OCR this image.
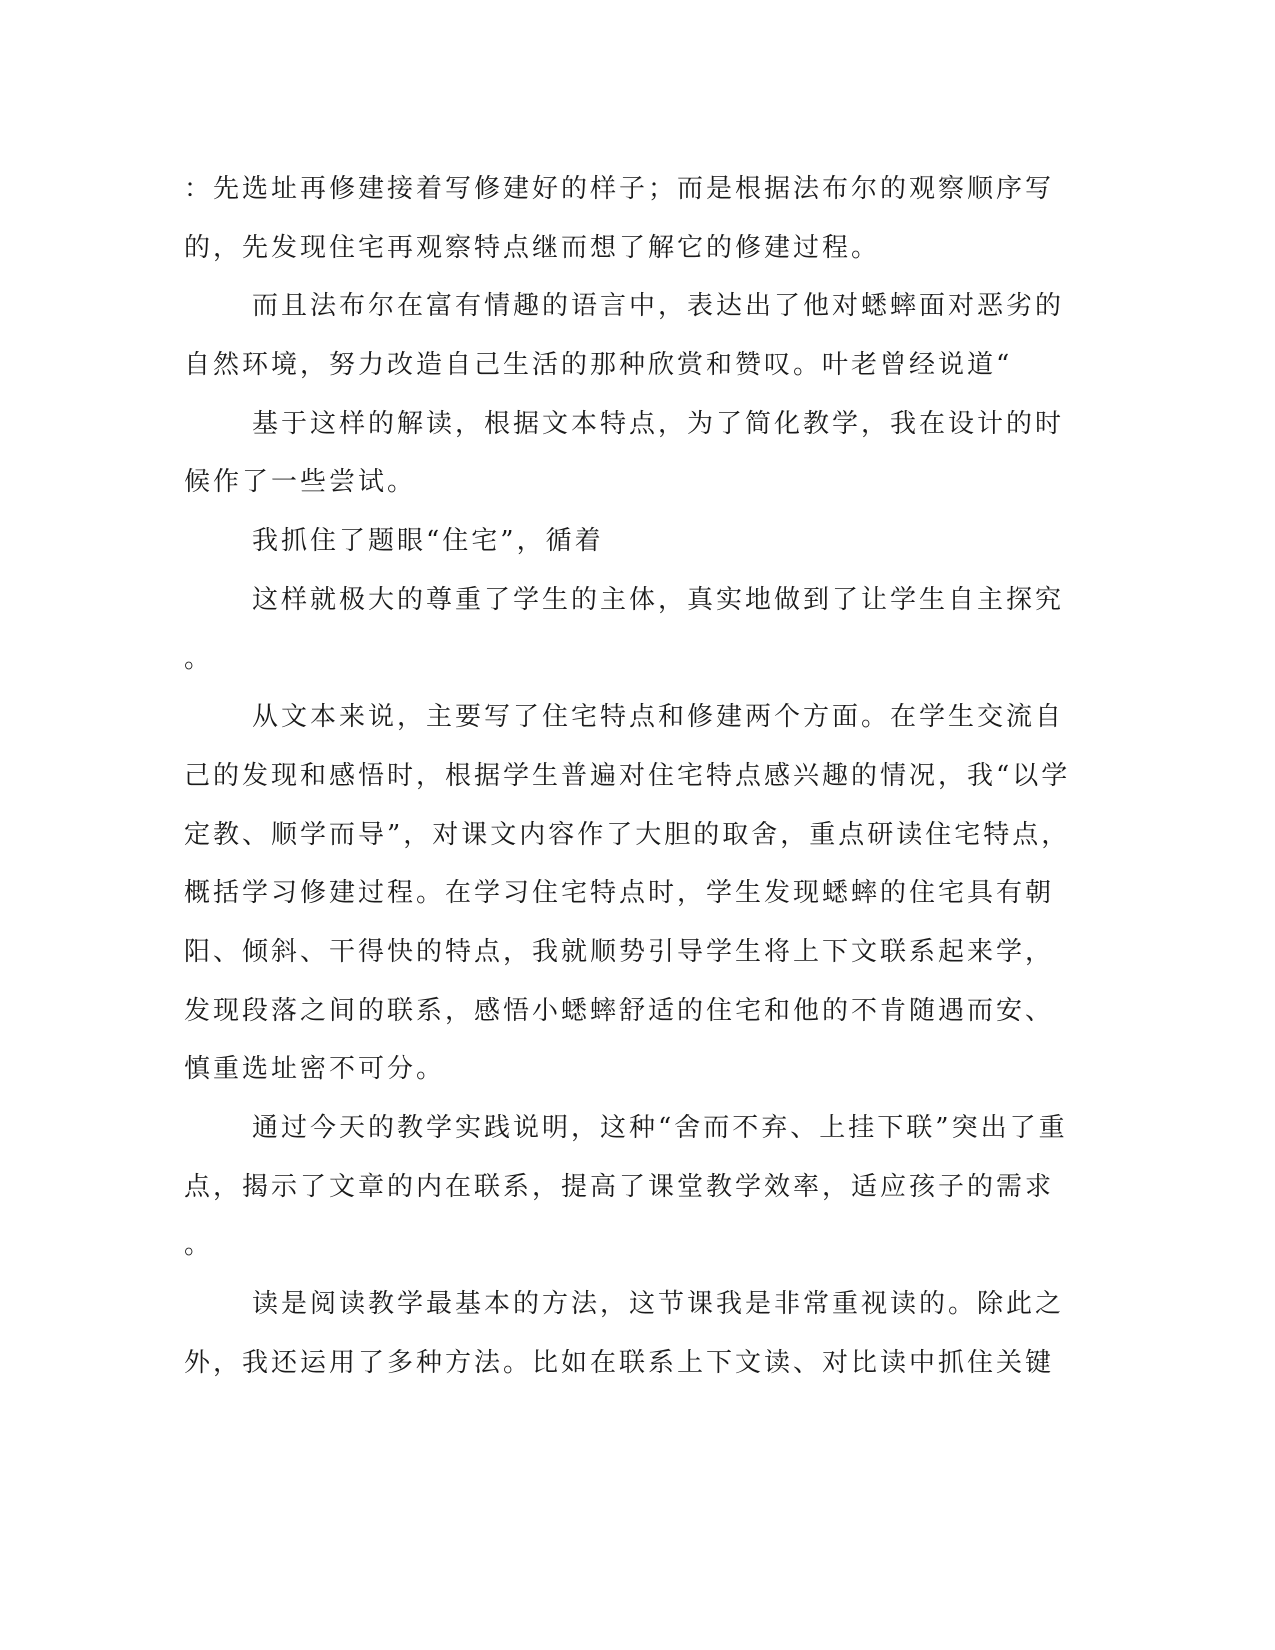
：先选址再修建接着写修建好的样子；而是根据法布尔的观察顺序写
的，先发现住宅再观察特点继而想了解它的修建过程。
而且法布尔在富有情趣的语言中，表达出了他对蟋蟀面对恶劣的
自然环境，努力改造自己生活的那种欣赏和赞叹。叶老曾经说道“
基于这样的解读，根据文本特点，为了简化教学，我在设计的时
候作了一些尝试。
我抓住了题眼“住宅”，循着
这样就极大的尊重了学生的主体，真实地做到了让学生自主探究
。
从文本来说，主要写了住宅特点和修建两个方面。在学生交流自
己的发现和感悟时，根据学生普遍对住宅特点感兴趣的情况，我“以学
定教、顺学而导”，对课文内容作了大胆的取舍，重点研读住宅特点，
概括学习修建过程。在学习住宅特点时，学生发现蟋蟀的住宅具有朝
阳、倾斜、干得快的特点，我就顺势引导学生将上下文联系起来学，
发现段落之间的联系，感悟小蟋蟀舒适的住宅和他的不肯随遇而安、
慎重选址密不可分。
通过今天的教学实践说明，这种“舍而不弃、上挂下联”突出了重
点，揭示了文章的内在联系，提高了课堂教学效率，适应孩子的需求
。
读是阅读教学最基本的方法，这节课我是非常重视读的。除此之
外，我还运用了多种方法。比如在联系上下文读、对比读中抓住关键
